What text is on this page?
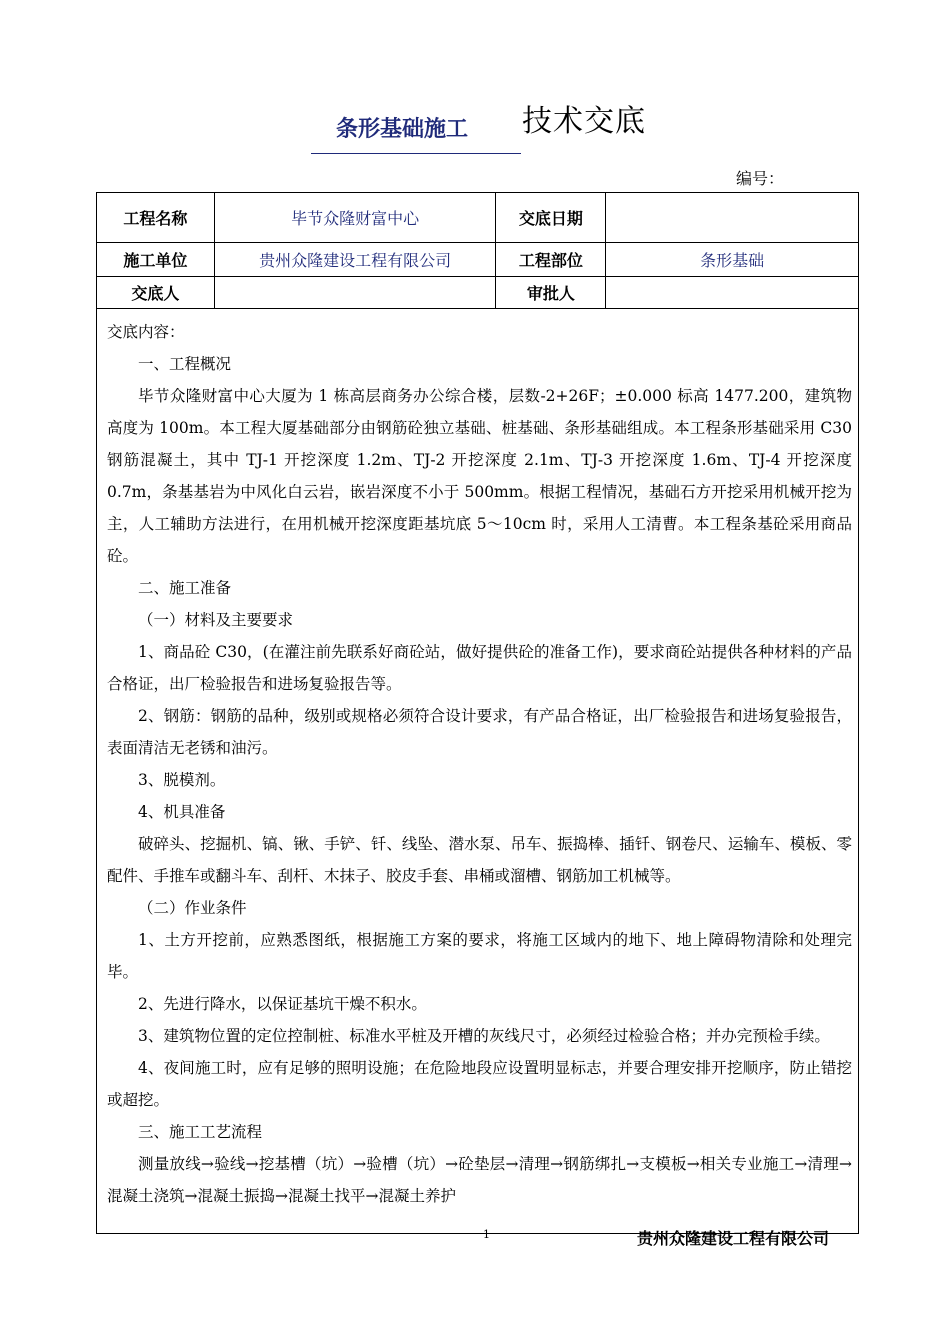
条形基础施工 技术交底
编号：
工程名称	毕节众隆财富中心	交底日期	
施工单位	贵州众隆建设工程有限公司	工程部位	条形基础
交底人		审批人	

交底内容：

一、工程概况

毕节众隆财富中心大厦为 1 栋高层商务办公综合楼，层数-2+26F；±0.000 标高 1477.200，建筑物高度为 100m。本工程大厦基础部分由钢筋砼独立基础、桩基础、条形基础组成。本工程条形基础采用 C30 钢筋混凝土，其中 TJ-1 开挖深度 1.2m、TJ-2 开挖深度 2.1m、TJ-3 开挖深度 1.6m、TJ-4 开挖深度 0.7m，条基基岩为中风化白云岩，嵌岩深度不小于 500mm。根据工程情况，基础石方开挖采用机械开挖为主，人工辅助方法进行，在用机械开挖深度距基坑底 5～10cm 时，采用人工清曹。本工程条基砼采用商品砼。

二、施工准备

（一）材料及主要要求

1、商品砼 C30，(在灌注前先联系好商砼站，做好提供砼的准备工作)，要求商砼站提供各种材料的产品合格证，出厂检验报告和进场复验报告等。

2、钢筋：钢筋的品种，级别或规格必须符合设计要求，有产品合格证，出厂检验报告和进场复验报告，表面清洁无老锈和油污。

3、脱模剂。

4、机具准备

破碎头、挖掘机、镐、锹、手铲、钎、线坠、潜水泵、吊车、振捣棒、插钎、钢卷尺、运输车、模板、零配件、手推车或翻斗车、刮杆、木抹子、胶皮手套、串桶或溜槽、钢筋加工机械等。

（二）作业条件

1、土方开挖前，应熟悉图纸，根据施工方案的要求，将施工区域内的地下、地上障碍物清除和处理完毕。

2、先进行降水，以保证基坑干燥不积水。

3、建筑物位置的定位控制桩、标准水平桩及开槽的灰线尺寸，必须经过检验合格；并办完预检手续。

4、夜间施工时，应有足够的照明设施；在危险地段应设置明显标志，并要合理安排开挖顺序，防止错挖或超挖。

三、施工工艺流程

测量放线→验线→挖基槽（坑）→验槽（坑）→砼垫层→清理→钢筋绑扎→支模板→相关专业施工→清理→混凝土浇筑→混凝土振捣→混凝土找平→混凝土养护

1	贵州众隆建设工程有限公司
